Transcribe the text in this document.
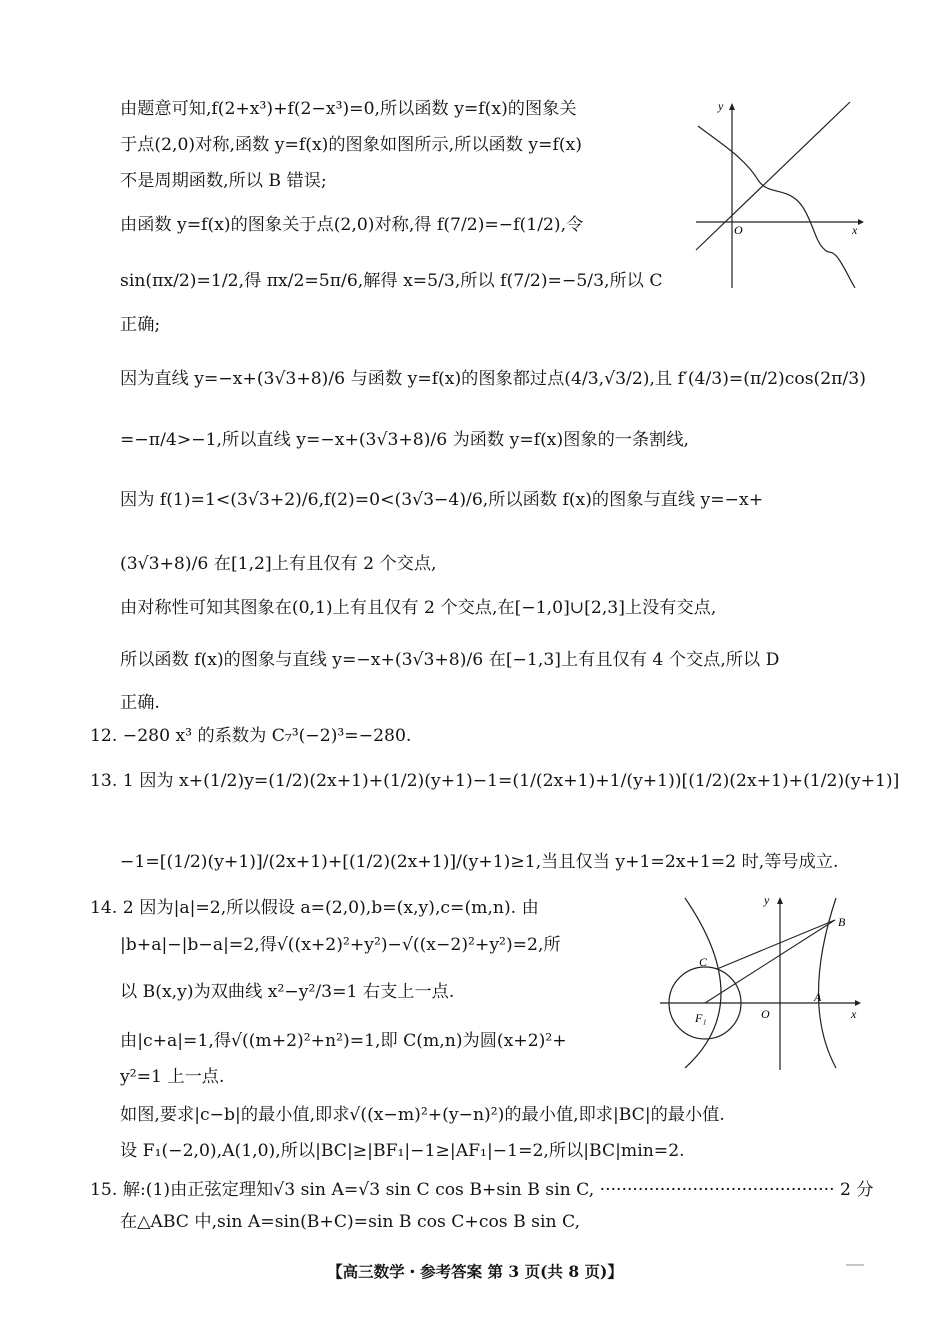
y
x
O
B
C
A
F₁	O
y
x
由题意可知,f(2+x³)+f(2−x³)=0,所以函数 y=f(x)的图象关
于点(2,0)对称,函数 y=f(x)的图象如图所示,所以函数 y=f(x)
不是周期函数,所以 B 错误;
由函数 y=f(x)的图象关于点(2,0)对称,得 f(7/2)=−f(1/2),令
sin(πx/2)=1/2,得 πx/2=5π/6,解得 x=5/3,所以 f(7/2)=−5/3,所以 C
正确;
因为直线 y=−x+(3√3+8)/6 与函数 y=f(x)的图象都过点(4/3,√3/2),且 f′(4/3)=(π/2)cos(2π/3)
=−π/4>−1,所以直线 y=−x+(3√3+8)/6 为函数 y=f(x)图象的一条割线,
因为 f(1)=1<(3√3+2)/6,f(2)=0<(3√3−4)/6,所以函数 f(x)的图象与直线 y=−x+
(3√3+8)/6 在[1,2]上有且仅有 2 个交点,
由对称性可知其图象在(0,1)上有且仅有 2 个交点,在[−1,0]∪[2,3]上没有交点,
所以函数 f(x)的图象与直线 y=−x+(3√3+8)/6 在[−1,3]上有且仅有 4 个交点,所以 D
正确.
12. −280 x³ 的系数为 C₇³(−2)³=−280.
13. 1 因为 x+(1/2)y=(1/2)(2x+1)+(1/2)(y+1)−1=(1/(2x+1)+1/(y+1))[(1/2)(2x+1)+(1/2)(y+1)]
−1=[(1/2)(y+1)]/(2x+1)+[(1/2)(2x+1)]/(y+1)≥1,当且仅当 y+1=2x+1=2 时,等号成立.
14. 2 因为|a|=2,所以假设 a=(2,0),b=(x,y),c=(m,n). 由
|b+a|−|b−a|=2,得√((x+2)²+y²)−√((x−2)²+y²)=2,所
以 B(x,y)为双曲线 x²−y²/3=1 右支上一点.
由|c+a|=1,得√((m+2)²+n²)=1,即 C(m,n)为圆(x+2)²+
y²=1 上一点.
如图,要求|c−b|的最小值,即求√((x−m)²+(y−n)²)的最小值,即求|BC|的最小值.
设 F₁(−2,0),A(1,0),所以|BC|≥|BF₁|−1≥|AF₁|−1=2,所以|BC|min=2.
15. 解:(1)由正弦定理知√3 sin A=√3 sin C cos B+sin B sin C, ··········································· 2 分
在△ABC 中,sin A=sin(B+C)=sin B cos C+cos B sin C,
【高三数学・参考答案 第 3 页(共 8 页)】
